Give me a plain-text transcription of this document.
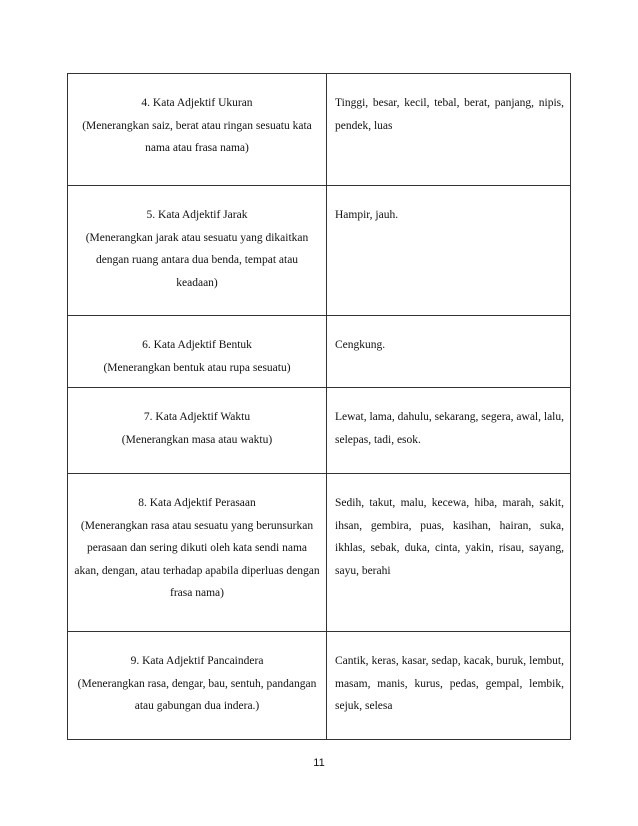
4. Kata Adjektif Ukuran
(Menerangkan saiz, berat atau ringan sesuatu kata nama atau frasa nama)	Tinggi, besar, kecil, tebal, berat, panjang, nipis, pendek, luas

5. Kata Adjektif Jarak
(Menerangkan jarak atau sesuatu yang dikaitkan dengan ruang antara dua benda, tempat atau keadaan)	Hampir, jauh.

6. Kata Adjektif Bentuk
(Menerangkan bentuk atau rupa sesuatu)	Cengkung.

7. Kata Adjektif Waktu
(Menerangkan masa atau waktu)	Lewat, lama, dahulu, sekarang, segera, awal, lalu, selepas, tadi, esok.

8. Kata Adjektif Perasaan
(Menerangkan rasa atau sesuatu yang berunsurkan perasaan dan sering dikuti oleh kata sendi nama akan, dengan, atau terhadap apabila diperluas dengan frasa nama)	Sedih, takut, malu, kecewa, hiba, marah, sakit, ihsan, gembira, puas, kasihan, hairan, suka, ikhlas, sebak, duka, cinta, yakin, risau, sayang, sayu, berahi

9. Kata Adjektif Pancaindera
(Menerangkan rasa, dengar, bau, sentuh, pandangan atau gabungan dua indera.)	Cantik, keras, kasar, sedap, kacak, buruk, lembut, masam, manis, kurus, pedas, gempal, lembik, sejuk, selesa
11
